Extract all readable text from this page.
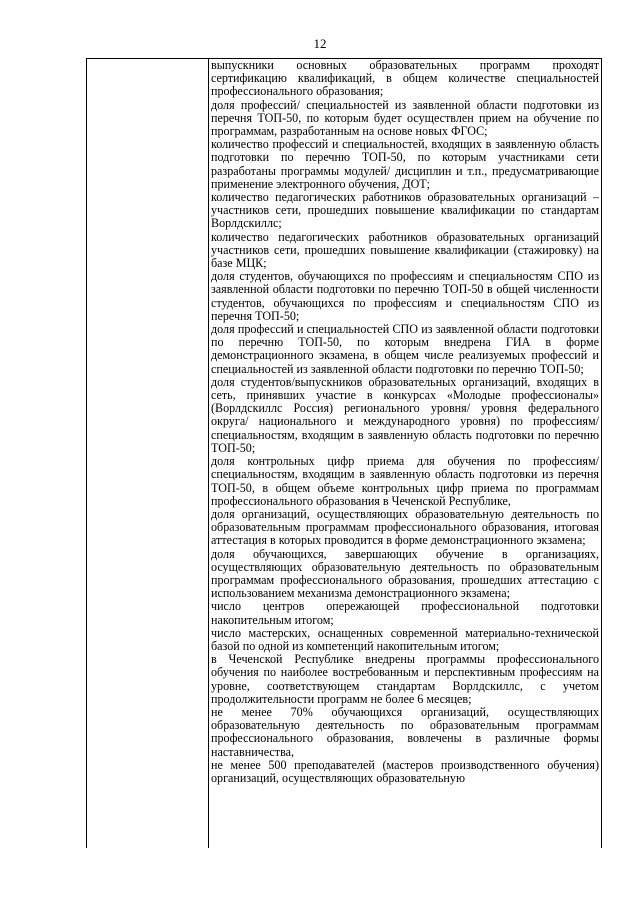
12

выпускники основных образовательных программ проходят сертификацию квалификаций, в общем количестве специальностей профессионального образования;

доля профессий/ специальностей из заявленной области подготовки из перечня ТОП-50, по которым будет осуществлен прием на обучение по программам, разработанным на основе новых ФГОС;

количество профессий и специальностей, входящих в заявленную область подготовки по перечню ТОП-50, по которым участниками сети разработаны программы модулей/ дисциплин и т.п., предусматривающие применение электронного обучения, ДОТ;

количество педагогических работников образовательных организаций –участников сети, прошедших повышение квалификации по стандартам Ворлдскиллс;

количество педагогических работников образовательных организаций участников сети, прошедших повышение квалификации (стажировку) на базе МЦК;

доля студентов, обучающихся по профессиям и специальностям СПО из заявленной области подготовки по перечню ТОП-50 в общей численности студентов, обучающихся по профессиям и специальностям СПО из перечня ТОП-50;

доля профессий и специальностей СПО из заявленной области подготовки по перечню ТОП-50, по которым внедрена ГИА в форме демонстрационного экзамена, в общем числе реализуемых профессий и специальностей из заявленной области подготовки по перечню ТОП-50;

доля студентов/выпускников образовательных организаций, входящих в сеть, принявших участие в конкурсах «Молодые профессионалы» (Ворлдскиллс Россия) регионального уровня/ уровня федерального округа/ национального и международного уровня) по профессиям/ специальностям, входящим в заявленную область подготовки по перечню ТОП-50;

доля контрольных цифр приема для обучения по профессиям/ специальностям, входящим в заявленную область подготовки из перечня ТОП-50, в общем объеме контрольных цифр приема по программам профессионального образования в Чеченской Республике,

доля организаций, осуществляющих образовательную деятельность по образовательным программам профессионального образования, итоговая аттестация в которых проводится в форме демонстрационного экзамена;

доля обучающихся, завершающих обучение в организациях, осуществляющих образовательную деятельность по образовательным программам профессионального образования, прошедших аттестацию с использованием механизма демонстрационного экзамена;

число центров опережающей профессиональной подготовки накопительным итогом;

число мастерских, оснащенных современной материально-технической базой по одной из компетенций накопительным итогом;

в Чеченской Республике внедрены программы профессионального обучения по наиболее востребованным и перспективным профессиям на уровне, соответствующем стандартам Ворлдскиллс, с учетом продолжительности программ не более 6 месяцев;

не менее 70% обучающихся организаций, осуществляющих образовательную деятельность по образовательным программам профессионального образования, вовлечены в различные формы наставничества,

не менее 500 преподавателей (мастеров производственного обучения) организаций, осуществляющих образовательную
